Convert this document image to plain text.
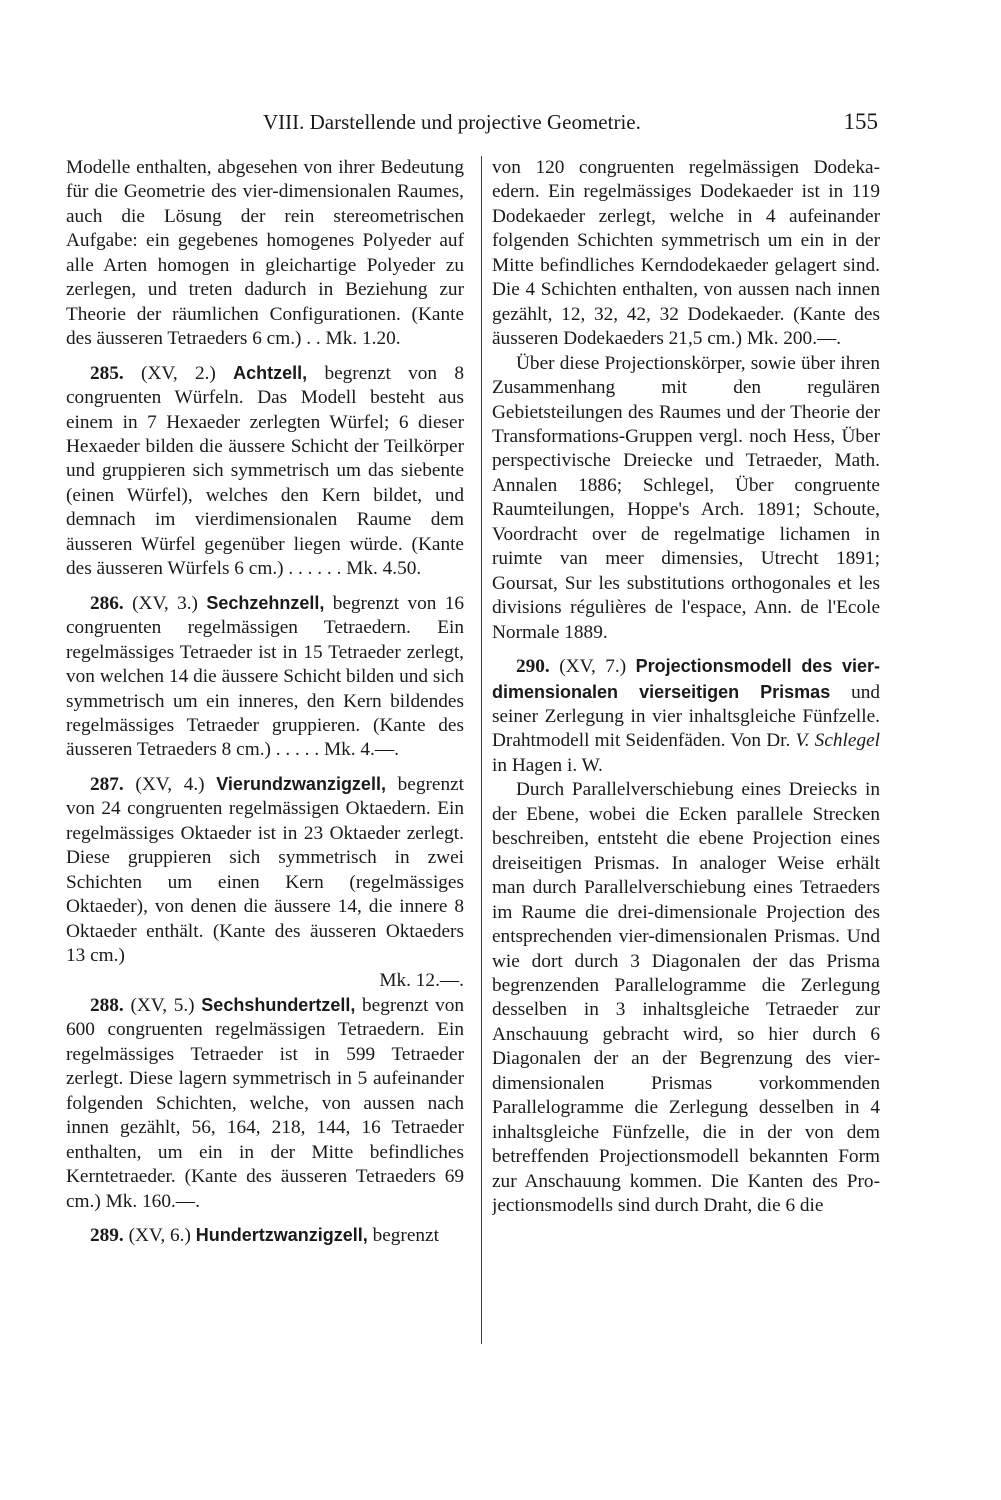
VIII. Darstellende und projective Geometrie.	155

Modelle enthalten, abgesehen von ihrer Bedeutung für die Geometrie des vier-dimensionalen Raumes, auch die Lösung der rein stereometrischen Aufgabe: ein gegebenes homogenes Polyeder auf alle Arten homogen in gleichartige Polyeder zu zerlegen, und treten dadurch in Beziehung zur Theorie der räumlichen Configurationen. (Kante des äusseren Tetraeders 6 cm.) . . Mk. 1.20.

285. (XV, 2.) Achtzell, begrenzt von 8 congruenten Würfeln. Das Modell besteht aus einem in 7 Hexaeder zerlegten Würfel; 6 dieser Hexaeder bilden die äussere Schicht der Teilkörper und gruppieren sich symmetrisch um das siebente (einen Würfel), welches den Kern bildet, und demnach im vierdimensionalen Raume dem äusseren Würfel gegenüber liegen würde. (Kante des äusseren Würfels 6 cm.) . . . . . . Mk. 4.50.

286. (XV, 3.) Sechzehnzell, begrenzt von 16 congruenten regelmässigen Tetraedern. Ein regelmässiges Tetraeder ist in 15 Tetraeder zerlegt, von welchen 14 die äussere Schicht bilden und sich symmetrisch um ein inneres, den Kern bildendes regelmässiges Tetraeder gruppieren. (Kante des äusseren Tetraeders 8 cm.) . . . . . Mk. 4.—.

287. (XV, 4.) Vierundzwanzigzell, begrenzt von 24 congruenten regelmässigen Oktaedern. Ein regelmässiges Oktaeder ist in 23 Oktaeder zerlegt. Diese gruppieren sich symmetrisch in zwei Schichten um einen Kern (regelmässiges Oktaeder), von denen die äussere 14, die innere 8 Oktaeder enthält. (Kante des äusseren Oktaeders 13 cm.)

Mk. 12.—.

288. (XV, 5.) Sechshundertzell, begrenzt von 600 congruenten regelmässigen Tetraedern. Ein regelmässiges Tetraeder ist in 599 Tetraeder zerlegt. Diese lagern symmetrisch in 5 aufeinander folgenden Schichten, welche, von aussen nach innen gezählt, 56, 164, 218, 144, 16 Tetraeder enthalten, um ein in der Mitte befindliches Kerntetraeder. (Kante des äusseren Tetraeders 69 cm.) Mk. 160.—.

289. (XV, 6.) Hundertzwanzigzell, begrenzt

von 120 congruenten regelmässigen Dodekaedern. Ein regelmässiges Dodekaeder ist in 119 Dodekaeder zerlegt, welche in 4 aufeinander folgenden Schichten symmetrisch um ein in der Mitte befindliches Kerndodekaeder gelagert sind. Die 4 Schichten enthalten, von aussen nach innen gezählt, 12, 32, 42, 32 Dodekaeder. (Kante des äusseren Dodekaeders 21,5 cm.) Mk. 200.—.

Über diese Projectionskörper, sowie über ihren Zusammenhang mit den regulären Gebietsteilungen des Raumes und der Theorie der Transformations-Gruppen vergl. noch Hess, Über perspectivische Dreiecke und Tetraeder, Math. Annalen 1886; Schlegel, Über congruente Raumteilungen, Hoppe's Arch. 1891; Schoute, Voordracht over de regelmatige lichamen in ruimte van meer dimensies, Utrecht 1891; Goursat, Sur les substitutions orthogonales et les divisions régulières de l'espace, Ann. de l'Ecole Normale 1889.

290. (XV, 7.) Projectionsmodell des vierdimensionalen vierseitigen Prismas und seiner Zerlegung in vier inhaltsgleiche Fünfzelle. Drahtmodell mit Seidenfäden. Von Dr. V. Schlegel in Hagen i. W.

Durch Parallelverschiebung eines Dreiecks in der Ebene, wobei die Ecken parallele Strecken beschreiben, entsteht die ebene Projection eines dreiseitigen Prismas. In analoger Weise erhält man durch Parallelverschiebung eines Tetraeders im Raume die drei-dimensionale Projection des entsprechenden vier-dimensionalen Prismas. Und wie dort durch 3 Diagonalen der das Prisma begrenzenden Parallelogramme die Zerlegung desselben in 3 inhaltsgleiche Tetraeder zur Anschauung gebracht wird, so hier durch 6 Diagonalen der an der Begrenzung des vier-dimensionalen Prismas vorkommenden Parallelogramme die Zerlegung desselben in 4 inhaltsgleiche Fünfzelle, die in der von dem betreffenden Projectionsmodell bekannten Form zur Anschauung kommen. Die Kanten des Projectionsmodells sind durch Draht, die 6 die
